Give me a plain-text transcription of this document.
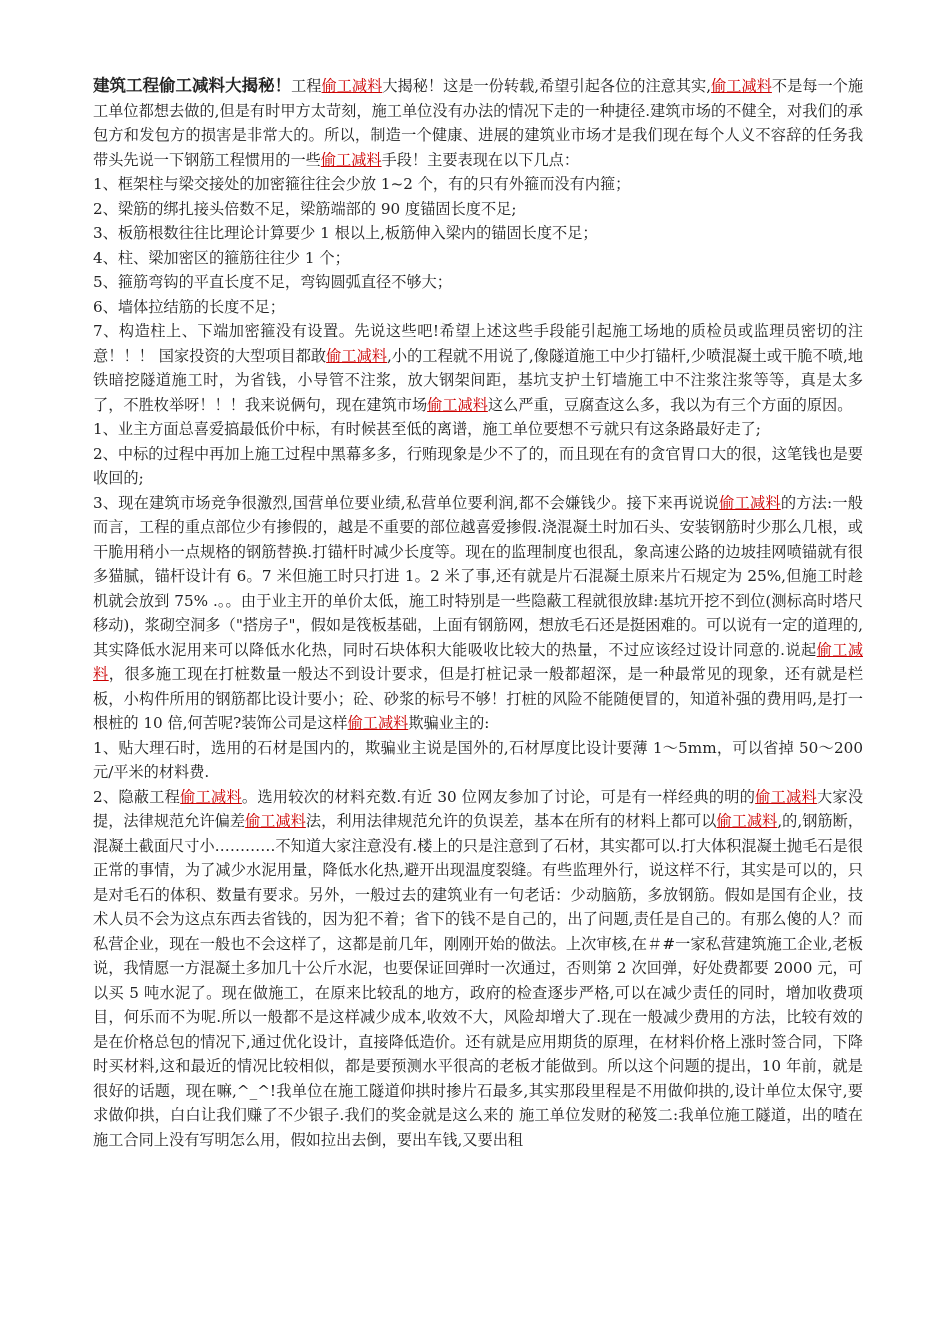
建筑工程偷工减料大揭秘！工程偷工减料大揭秘！这是一份转载,希望引起各位的注意其实,偷工减料不是每一个施工单位都想去做的,但是有时甲方太苛刻，施工单位没有办法的情况下走的一种捷径.建筑市场的不健全，对我们的承包方和发包方的损害是非常大的。所以，制造一个健康、进展的建筑业市场才是我们现在每个人义不容辞的任务我带头先说一下钢筋工程惯用的一些偷工减料手段！主要表现在以下几点：

1、框架柱与梁交接处的加密箍往往会少放 1~2 个，有的只有外箍而没有内箍；

2、梁筋的绑扎接头倍数不足，梁筋端部的 90 度锚固长度不足;

3、板筋根数往往比理论计算要少 1 根以上,板筋伸入梁内的锚固长度不足；

4、柱、梁加密区的箍筋往往少 1 个；

5、箍筋弯钩的平直长度不足，弯钩圆弧直径不够大；

6、墙体拉结筋的长度不足；

7、构造柱上、下端加密箍没有设置。先说这些吧!希望上述这些手段能引起施工场地的质检员或监理员密切的注意！！！ 国家投资的大型项目都敢偷工减料,小的工程就不用说了,像隧道施工中少打锚杆,少喷混凝土或干脆不喷,地铁暗挖隧道施工时，为省钱，小导管不注浆，放大钢架间距，基坑支护土钉墙施工中不注浆注浆等等，真是太多了，不胜枚举呀！！！我来说俩句，现在建筑市场偷工减料这么严重，豆腐查这么多，我以为有三个方面的原因。

1、业主方面总喜爱搞最低价中标，有时候甚至低的离谱，施工单位要想不亏就只有这条路最好走了;

2、中标的过程中再加上施工过程中黑幕多多，行贿现象是少不了的，而且现在有的贪官胃口大的很，这笔钱也是要收回的;

3、现在建筑市场竞争很激烈,国营单位要业绩,私营单位要利润,都不会嫌钱少。接下来再说说偷工减料的方法:一般而言，工程的重点部位少有掺假的，越是不重要的部位越喜爱掺假.浇混凝土时加石头、安装钢筋时少那么几根，或干脆用稍小一点规格的钢筋替换.打锚杆时减少长度等。现在的监理制度也很乱，象高速公路的边坡挂网喷锚就有很多猫腻，锚杆设计有 6。7 米但施工时只打进 1。2 米了事,还有就是片石混凝土原来片石规定为 25%,但施工时趁机就会放到 75% .。。由于业主开的单价太低，施工时特别是一些隐蔽工程就很放肆:基坑开挖不到位(测标高时塔尺移动)，浆砌空洞多（"搭房子"，假如是筏板基础，上面有钢筋网，想放毛石还是挺困难的。可以说有一定的道理的,其实降低水泥用来可以降低水化热，同时石块体积大能吸收比较大的热量，不过应该经过设计同意的.说起偷工减料，很多施工现在打桩数量一般达不到设计要求，但是打桩记录一般都超深，是一种最常见的现象，还有就是栏板，小构件所用的钢筋都比设计要小；砼、砂浆的标号不够！打桩的风险不能随便冒的，知道补强的费用吗,是打一根桩的 10 倍,何苦呢?装饰公司是这样偷工减料欺骗业主的:

1、贴大理石时，选用的石材是国内的，欺骗业主说是国外的,石材厚度比设计要薄 1～5mm，可以省掉 50～200 元/平米的材料费.

2、隐蔽工程偷工减料。选用较次的材料充数.有近 30 位网友参加了讨论，可是有一样经典的明的偷工减料大家没提，法律规范允许偏差偷工减料法，利用法律规范允许的负误差，基本在所有的材料上都可以偷工减料,的,钢筋断，混凝土截面尺寸小…………不知道大家注意没有.楼上的只是注意到了石材，其实都可以.打大体积混凝土抛毛石是很正常的事情，为了减少水泥用量，降低水化热,避开出现温度裂缝。有些监理外行，说这样不行，其实是可以的，只是对毛石的体积、数量有要求。另外，一般过去的建筑业有一句老话：少动脑筋，多放钢筋。假如是国有企业，技术人员不会为这点东西去省钱的，因为犯不着；省下的钱不是自己的，出了问题,责任是自己的。有那么傻的人？而私营企业，现在一般也不会这样了，这都是前几年，刚刚开始的做法。上次审核,在＃#一家私营建筑施工企业,老板说，我情愿一方混凝土多加几十公斤水泥，也要保证回弹时一次通过，否则第 2 次回弹，好处费都要 2000 元，可以买 5 吨水泥了。现在做施工，在原来比较乱的地方，政府的检查逐步严格,可以在减少责任的同时，增加收费项目，何乐而不为呢.所以一般都不是这样减少成本,收效不大，风险却增大了.现在一般减少费用的方法，比较有效的是在价格总包的情况下,通过优化设计，直接降低造价。还有就是应用期货的原理，在材料价格上涨时签合同，下降时买材料,这和最近的情况比较相似，都是要预测水平很高的老板才能做到。所以这个问题的提出，10 年前，就是很好的话题，现在嘛,^_^!我单位在施工隧道仰拱时掺片石最多,其实那段里程是不用做仰拱的,设计单位太保守,要求做仰拱，白白让我们赚了不少银子.我们的奖金就是这么来的 施工单位发财的秘笈二:我单位施工隧道，出的喳在施工合同上没有写明怎么用，假如拉出去倒，要出车钱,又要出租
